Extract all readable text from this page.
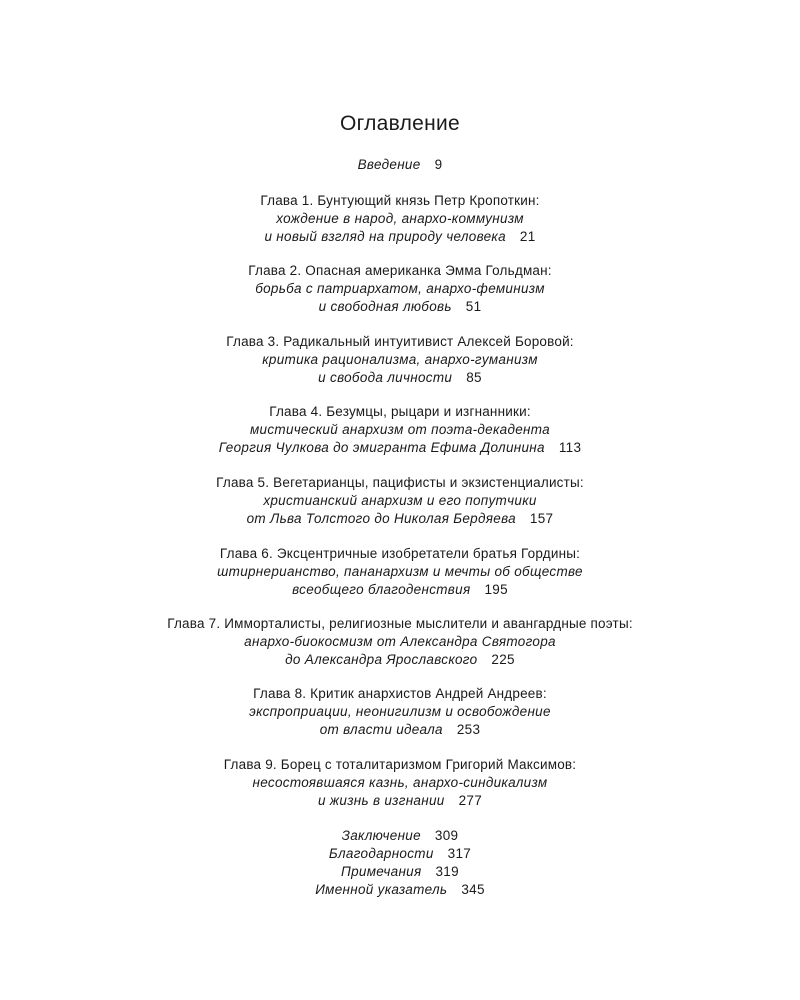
Оглавление
Введение 9
Глава 1. Бунтующий князь Петр Кропоткин:
хождение в народ, анархо-коммунизм
и новый взгляд на природу человека 21
Глава 2. Опасная американка Эмма Гольдман:
борьба с патриархатом, анархо-феминизм
и свободная любовь 51
Глава 3. Радикальный интуитивист Алексей Боровой:
критика рационализма, анархо-гуманизм
и свобода личности 85
Глава 4. Безумцы, рыцари и изгнанники:
мистический анархизм от поэта-декадента
Георгия Чулкова до эмигранта Ефима Долинина 113
Глава 5. Вегетарианцы, пацифисты и экзистенциалисты:
христианский анархизм и его попутчики
от Льва Толстого до Николая Бердяева 157
Глава 6. Эксцентричные изобретатели братья Гордины:
штирнерианство, пананархизм и мечты об обществе
всеобщего благоденствия 195
Глава 7. Имморталисты, религиозные мыслители и авангардные поэты:
анархо-биокосмизм от Александра Святогора
до Александра Ярославского 225
Глава 8. Критик анархистов Андрей Андреев:
экспроприации, неонигилизм и освобождение
от власти идеала 253
Глава 9. Борец с тоталитаризмом Григорий Максимов:
несостоявшаяся казнь, анархо-синдикализм
и жизнь в изгнании 277
Заключение 309
Благодарности 317
Примечания 319
Именной указатель 345
